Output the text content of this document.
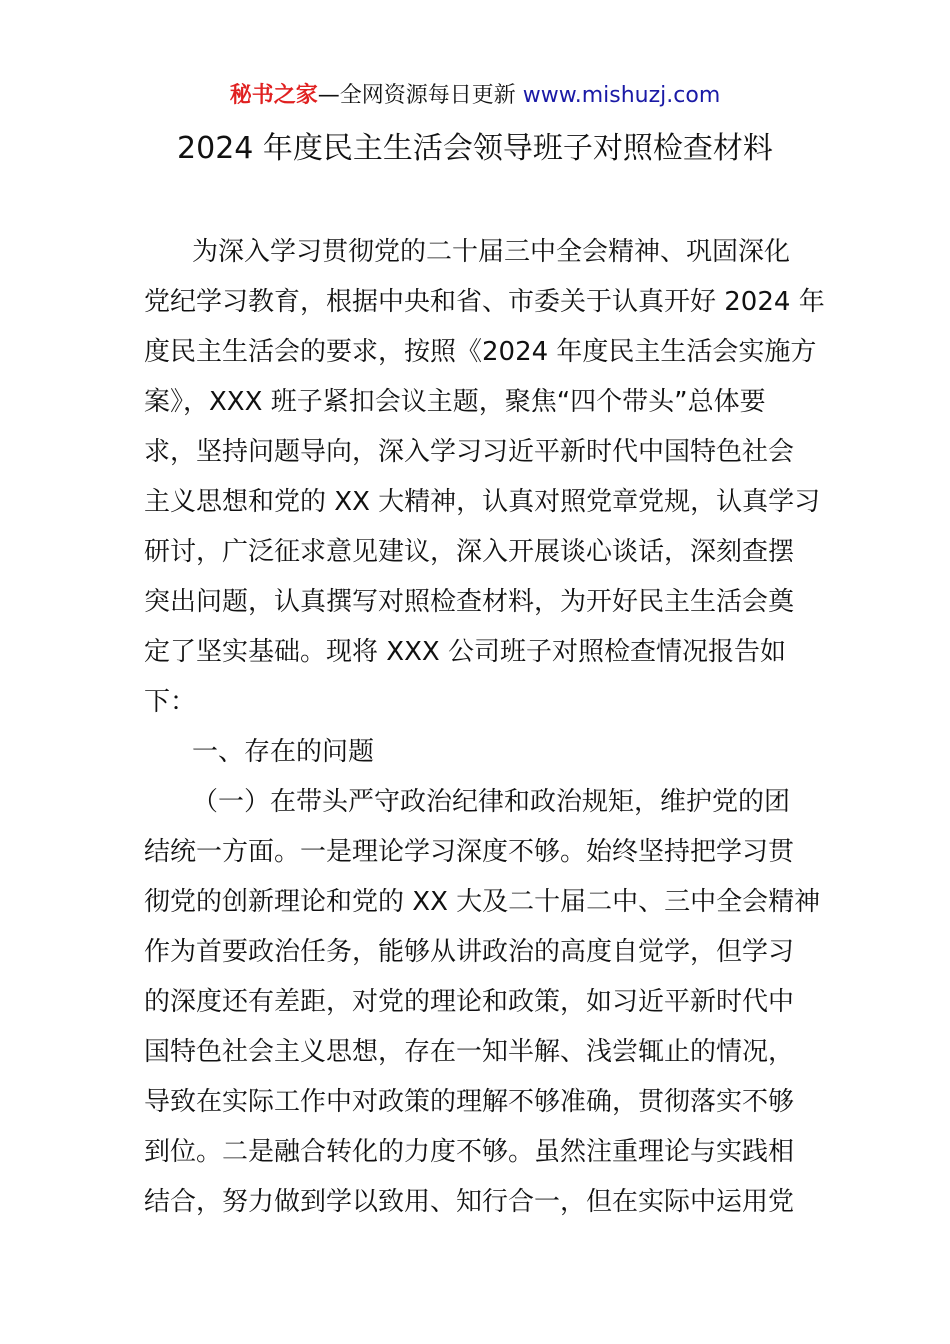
秘书之家—全网资源每日更新 www.mishuzj.com
2024 年度民主生活会领导班子对照检查材料
为深入学习贯彻党的二十届三中全会精神、巩固深化
党纪学习教育，根据中央和省、市委关于认真开好 2024 年
度民主生活会的要求，按照《2024 年度民主生活会实施方
案》，XXX 班子紧扣会议主题，聚焦“四个带头”总体要
求，坚持问题导向，深入学习习近平新时代中国特色社会
主义思想和党的 XX 大精神，认真对照党章党规，认真学习
研讨，广泛征求意见建议，深入开展谈心谈话，深刻查摆
突出问题，认真撰写对照检查材料，为开好民主生活会奠
定了坚实基础。现将 XXX 公司班子对照检查情况报告如
下：
一、存在的问题
（一）在带头严守政治纪律和政治规矩，维护党的团
结统一方面。一是理论学习深度不够。始终坚持把学习贯
彻党的创新理论和党的 XX 大及二十届二中、三中全会精神
作为首要政治任务，能够从讲政治的高度自觉学，但学习
的深度还有差距，对党的理论和政策，如习近平新时代中
国特色社会主义思想，存在一知半解、浅尝辄止的情况，
导致在实际工作中对政策的理解不够准确，贯彻落实不够
到位。二是融合转化的力度不够。虽然注重理论与实践相
结合，努力做到学以致用、知行合一，但在实际中运用党
